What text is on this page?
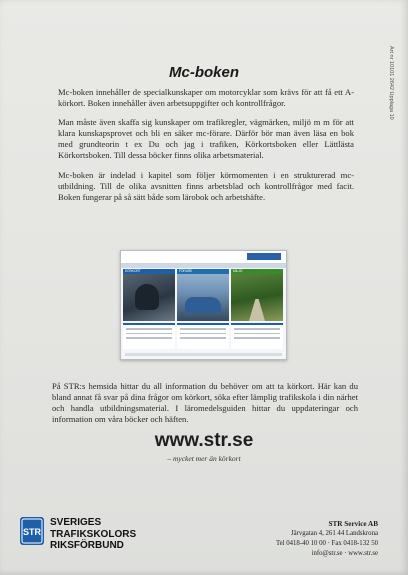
Art nr 10101 2642 Upplaga 10
Mc-boken

Mc-boken innehåller de specialkunskaper om motorcyklar som krävs för att få ett A-körkort. Boken innehåller även arbetsuppgifter och kontrollfrågor.

Man måste även skaffa sig kunskaper om trafikregler, vägmärken, miljö m m för att klara kunskapsprovet och bli en säker mc-förare. Därför bör man även läsa en bok med grundteorin t ex Du och jag i trafiken, Körkortsboken eller Lättlästa Körkortsboken. Till dessa böcker finns olika arbetsmaterial.

Mc-boken är indelad i kapitel som följer körmomenten i en strukturerad mc-utbildning. Till de olika avsnitten finns arbetsblad och kontrollfrågor med facit. Boken fungerar på så sätt både som lärobok och arbetshäfte.

KÖRKORT	FÖRARE	MILJÖ

På STR:s hemsida hittar du all information du behöver om att ta körkort. Här kan du bland annat få svar på dina frågor om körkort, söka efter lämplig trafikskola i din närhet och handla utbildningsmaterial. I läromedelsguiden hittar du uppdateringar och information om våra böcker och häften.

www.str.se
– mycket mer än körkort
STR
SVERIGES
TRAFIKSKOLORS
RIKSFÖRBUND
STR Service AB
Järvgatan 4, 261 44 Landskrona
Tel 0418-40 10 00 · Fax 0418-132 50
info@str.se · www.str.se
